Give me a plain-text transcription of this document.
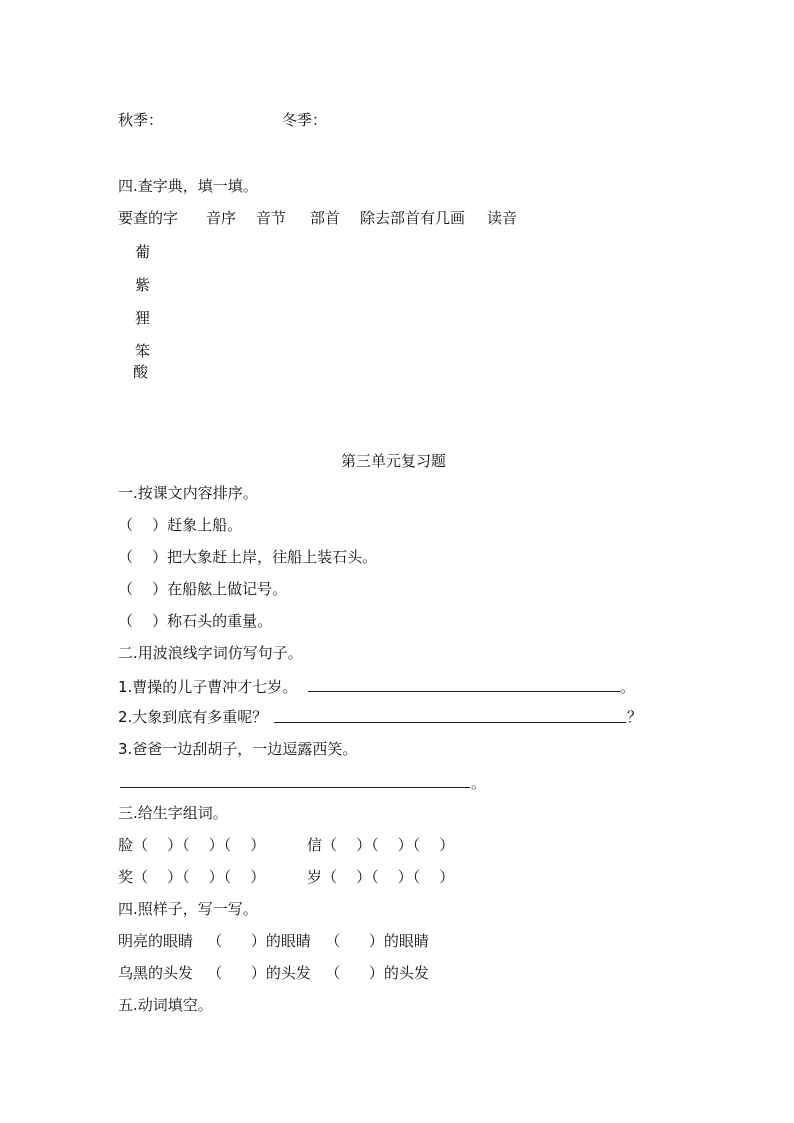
秋季：	冬季：

四.查字典，填一填。

要查的字 音序 音节 部首 除去部首有几画 读音

葡

紫

狸

笨

酸

第三单元复习题

一.按课文内容排序。

（    ）赶象上船。

（    ）把大象赶上岸，往船上装石头。

（    ）在船舷上做记号。

（    ）称石头的重量。

二.用波浪线字词仿写句子。

1.曹操的儿子曹冲才七岁。	。

2.大象到底有多重呢？	？

3.爸爸一边刮胡子，一边逗露西笑。

。

三.给生字组词。

脸（    ）（    ）（    ）	信（    ）（    ）（    ）

奖（    ）（    ）（    ）	岁（    ）（    ）（    ）

四.照样子，写一写。

明亮的眼睛   （      ）的眼睛   （      ）的眼睛

乌黑的头发   （      ）的头发   （      ）的头发

五.动词填空。
